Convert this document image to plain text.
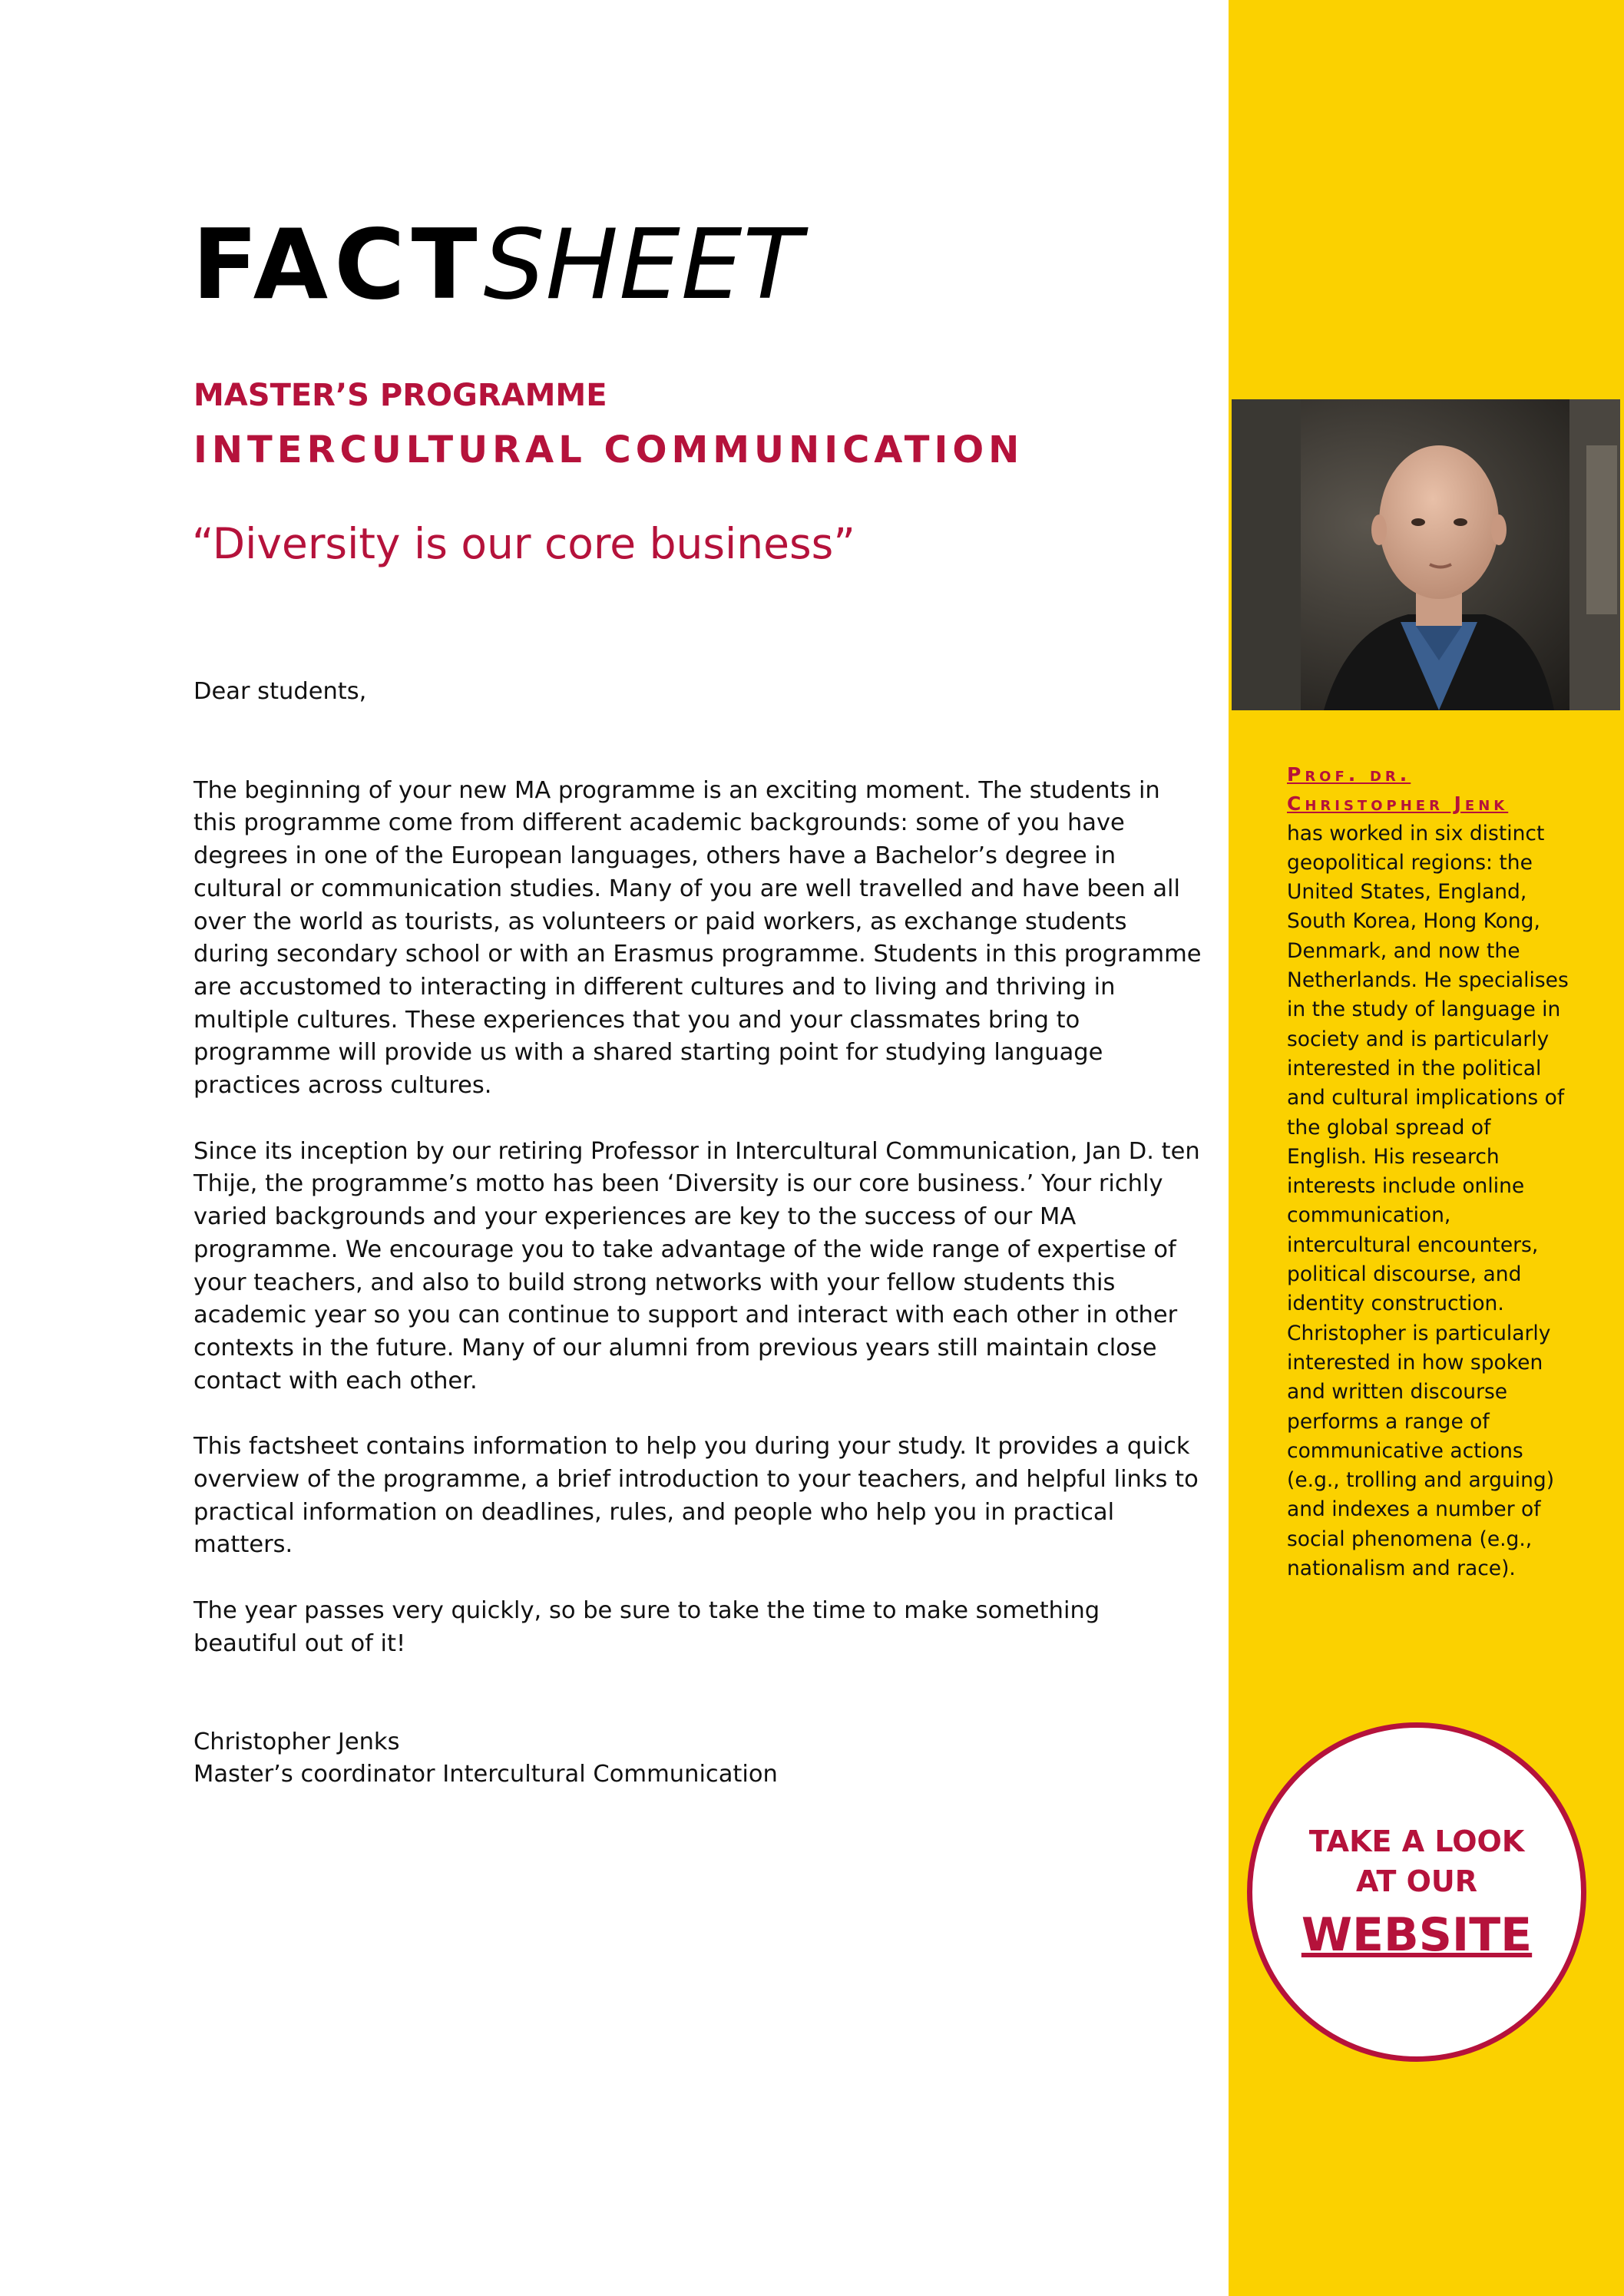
FACTSHEET
MASTER’S PROGRAMME
INTERCULTURAL COMMUNICATION
“Diversity is our core business”

Dear students,

The beginning of your new MA programme is an exciting moment. The students in this programme come from different academic backgrounds: some of you have degrees in one of the European languages, others have a Bachelor’s degree in cultural or communication studies. Many of you are well travelled and have been all over the world as tourists, as volunteers or paid workers, as exchange students during secondary school or with an Erasmus programme. Students in this programme are accustomed to interacting in different cultures and to living and thriving in multiple cultures. These experiences that you and your classmates bring to programme will provide us with a shared starting point for studying language practices across cultures.

Since its inception by our retiring Professor in Intercultural Communication, Jan D. ten Thije, the programme’s motto has been ‘Diversity is our core business.’ Your richly varied backgrounds and your experiences are key to the success of our MA programme. We encourage you to take advantage of the wide range of expertise of your teachers, and also to build strong networks with your fellow students this academic year so you can continue to support and interact with each other in other contexts in the future. Many of our alumni from previous years still maintain close contact with each other.

This factsheet contains information to help you during your study. It provides a quick overview of the programme, a brief introduction to your teachers, and helpful links to practical information on deadlines, rules, and people who help you in practical matters.

The year passes very quickly, so be sure to take the time to make something beautiful out of it!

Christopher Jenks

Master’s coordinator Intercultural Communication

Prof. dr.
Christopher Jenk
has worked in six distinct geopolitical regions: the United States, England, South Korea, Hong Kong, Denmark, and now the Netherlands. He specialises in the study of language in society and is particularly interested in the political and cultural implications of the global spread of English. His research interests include online communication, intercultural encounters, political discourse, and identity construction. Christopher is particularly interested in how spoken and written discourse performs a range of communicative actions (e.g., trolling and arguing) and indexes a number of social phenomena (e.g., nationalism and race).
TAKE A LOOK
AT OUR
WEBSITE
